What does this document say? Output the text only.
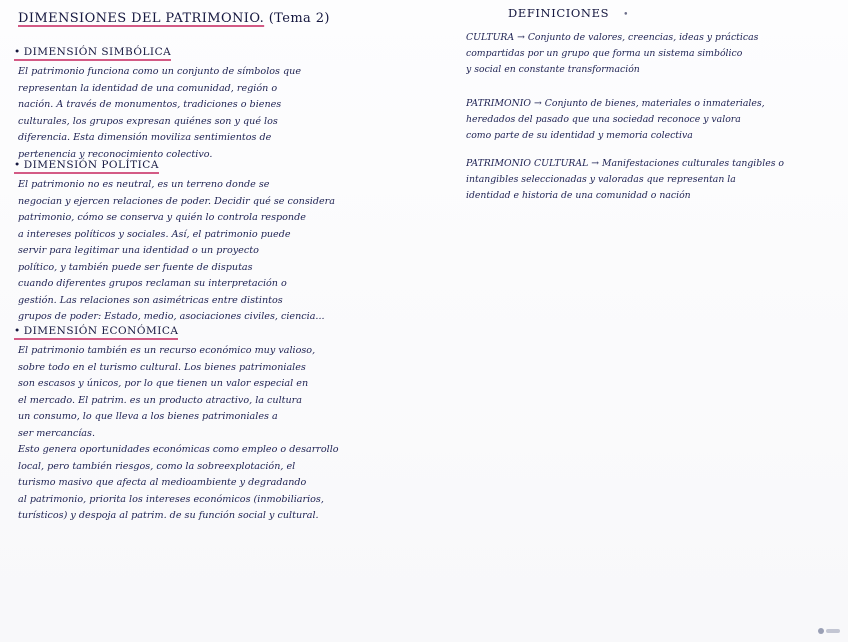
DIMENSIONES DEL PATRIMONIO. (Tema 2)
• DIMENSIÓN SIMBÓLICA
El patrimonio funciona como un conjunto de símbolos que
representan la identidad de una comunidad, región o
nación. A través de monumentos, tradiciones o bienes
culturales, los grupos expresan quiénes son y qué los
diferencia. Esta dimensión moviliza sentimientos de
pertenencia y reconocimiento colectivo.
• DIMENSIÓN POLÍTICA
El patrimonio no es neutral, es un terreno donde se
negocian y ejercen relaciones de poder. Decidir qué se considera
patrimonio, cómo se conserva y quién lo controla responde
a intereses políticos y sociales. Así, el patrimonio puede
servir para legitimar una identidad o un proyecto
político, y también puede ser fuente de disputas
cuando diferentes grupos reclaman su interpretación o
gestión. Las relaciones son asimétricas entre distintos
grupos de poder: Estado, medio, asociaciones civiles, ciencia...
• DIMENSIÓN ECONÓMICA
El patrimonio también es un recurso económico muy valioso,
sobre todo en el turismo cultural. Los bienes patrimoniales
son escasos y únicos, por lo que tienen un valor especial en
el mercado. El patrim. es un producto atractivo, la cultura
un consumo, lo que lleva a los bienes patrimoniales a
ser mercancías.
Esto genera oportunidades económicas como empleo o desarrollo
local, pero también riesgos, como la sobreexplotación, el
turismo masivo que afecta al medioambiente y degradando
al patrimonio, priorita los intereses económicos (inmobiliarios,
turísticos) y despoja al patrim. de su función social y cultural.
DEFINICIONES •
CULTURA → Conjunto de valores, creencias, ideas y prácticas
compartidas por un grupo que forma un sistema simbólico
y social en constante transformación
PATRIMONIO → Conjunto de bienes, materiales o inmateriales,
heredados del pasado que una sociedad reconoce y valora
como parte de su identidad y memoria colectiva
PATRIMONIO CULTURAL → Manifestaciones culturales tangibles o
intangibles seleccionadas y valoradas que representan la
identidad e historia de una comunidad o nación
